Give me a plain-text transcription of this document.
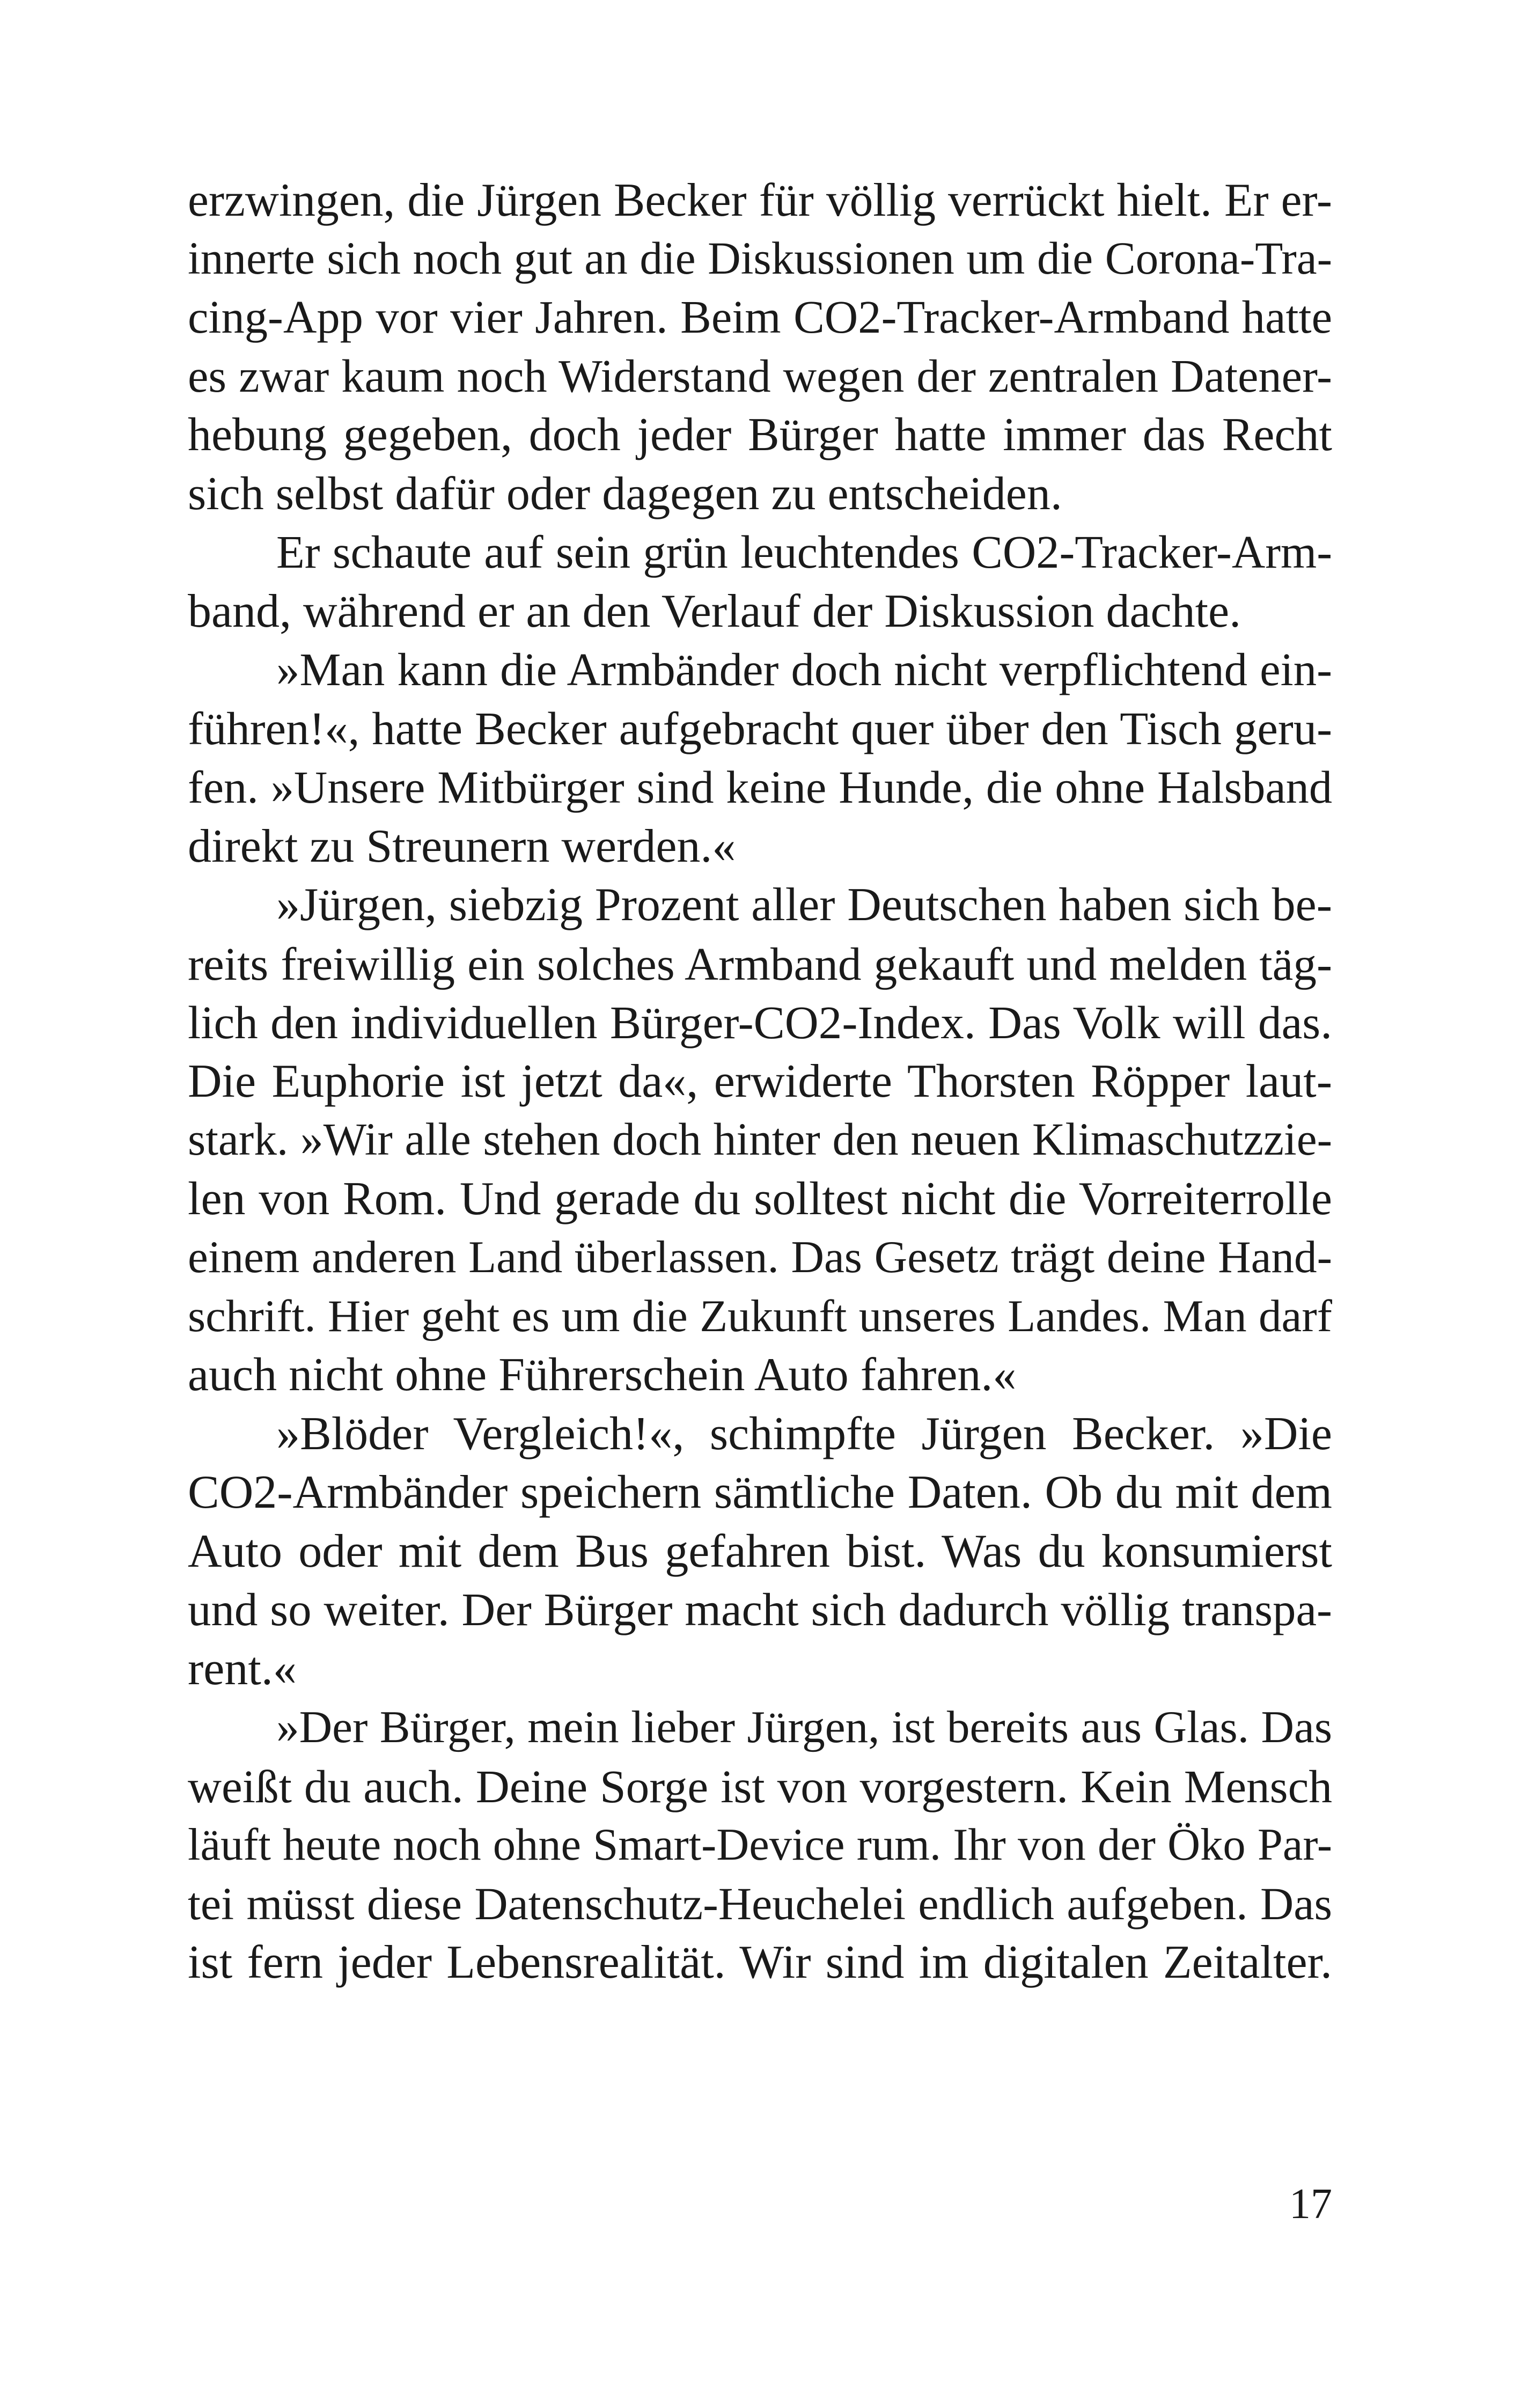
erzwingen, die Jürgen Becker für völlig verrückt hielt. Er er-
innerte sich noch gut an die Diskussionen um die Corona-Tra-
cing-App vor vier Jahren. Beim CO2-Tracker-Armband hatte
es zwar kaum noch Widerstand wegen der zentralen Datener-
hebung gegeben, doch jeder Bürger hatte immer das Recht
sich selbst dafür oder dagegen zu entscheiden.
Er schaute auf sein grün leuchtendes CO2-Tracker-Arm-
band, während er an den Verlauf der Diskussion dachte.
»Man kann die Armbänder doch nicht verpflichtend ein-
führen!«, hatte Becker aufgebracht quer über den Tisch geru-
fen. »Unsere Mitbürger sind keine Hunde, die ohne Halsband
direkt zu Streunern werden.«
»Jürgen, siebzig Prozent aller Deutschen haben sich be-
reits freiwillig ein solches Armband gekauft und melden täg-
lich den individuellen Bürger-CO2-Index. Das Volk will das.
Die Euphorie ist jetzt da«, erwiderte Thorsten Röpper laut-
stark. »Wir alle stehen doch hinter den neuen Klimaschutzzie-
len von Rom. Und gerade du solltest nicht die Vorreiterrolle
einem anderen Land überlassen. Das Gesetz trägt deine Hand-
schrift. Hier geht es um die Zukunft unseres Landes. Man darf
auch nicht ohne Führerschein Auto fahren.«
»Blöder Vergleich!«, schimpfte Jürgen Becker. »Die
CO2-Armbänder speichern sämtliche Daten. Ob du mit dem
Auto oder mit dem Bus gefahren bist. Was du konsumierst
und so weiter. Der Bürger macht sich dadurch völlig transpa-
rent.«
»Der Bürger, mein lieber Jürgen, ist bereits aus Glas. Das
weißt du auch. Deine Sorge ist von vorgestern. Kein Mensch
läuft heute noch ohne Smart-Device rum. Ihr von der Öko Par-
tei müsst diese Datenschutz-Heuchelei endlich aufgeben. Das
ist fern jeder Lebensrealität. Wir sind im digitalen Zeitalter.
17
